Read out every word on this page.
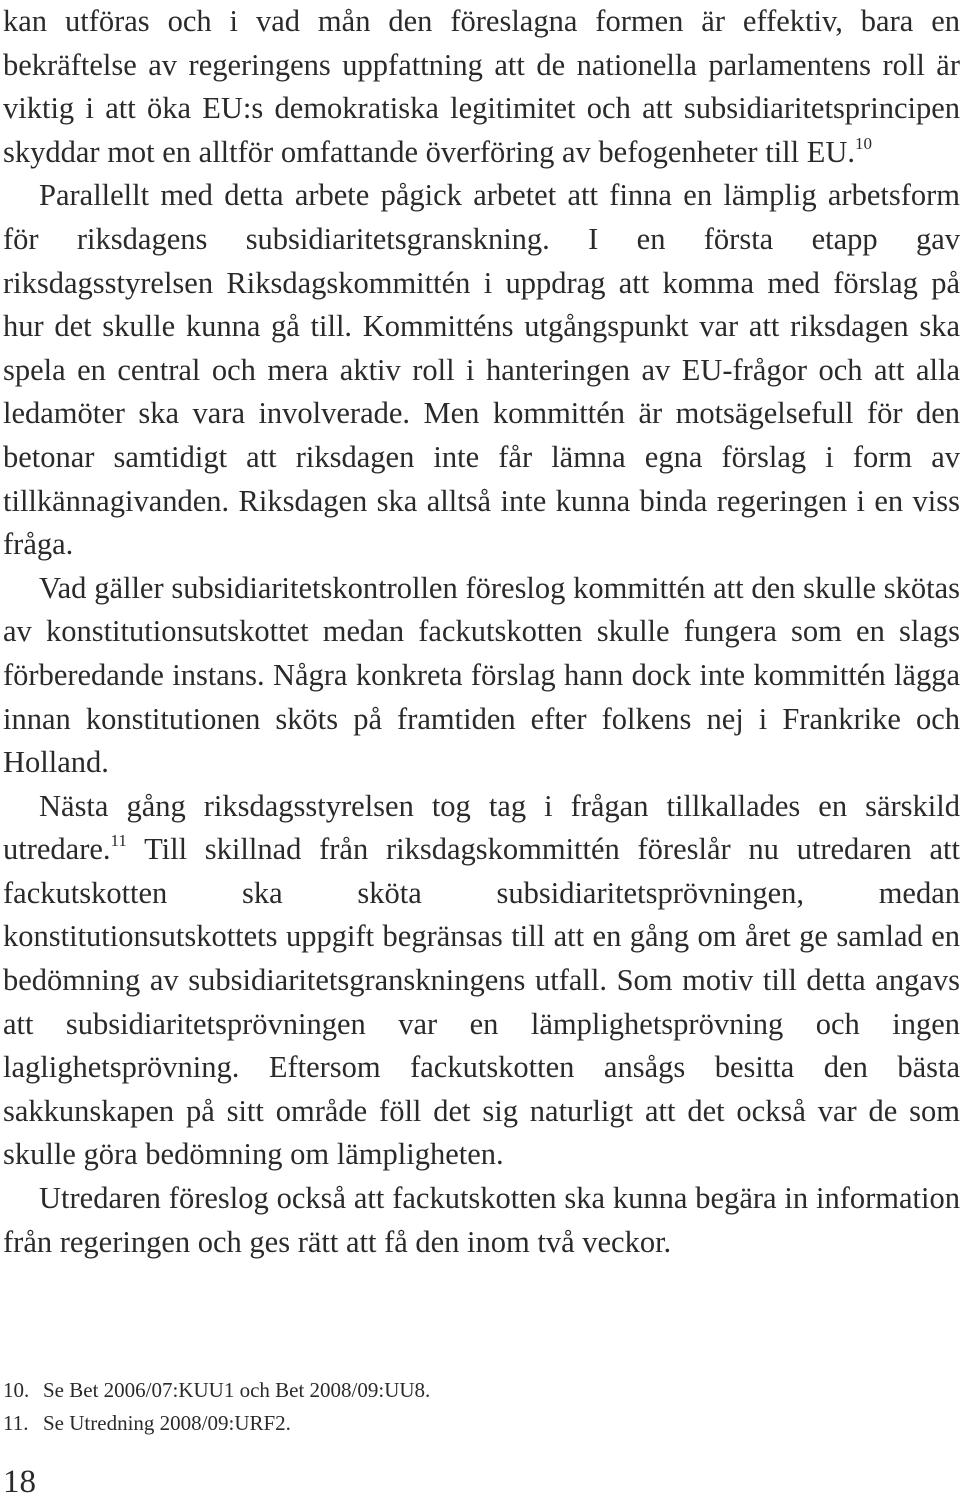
kan utföras och i vad mån den föreslagna formen är effektiv, bara en bekräftelse av regeringens uppfattning att de nationella parlamentens roll är viktig i att öka EU:s demokratiska legitimitet och att subsidiaritetsprincipen skyddar mot en alltför omfattande överföring av befogenheter till EU.$^{10}$

Parallellt med detta arbete pågick arbetet att finna en lämplig arbetsform för riksdagens subsidiaritetsgranskning. I en första etapp gav riksdagsstyrelsen Riksdagskommittén i uppdrag att komma med förslag på hur det skulle kunna gå till. Kommitténs utgångspunkt var att riksdagen ska spela en central och mera aktiv roll i hanteringen av EU-frågor och att alla ledamöter ska vara involverade. Men kommittén är motsägelsefull för den betonar samtidigt att riksdagen inte får lämna egna förslag i form av tillkännagivanden. Riksdagen ska alltså inte kunna binda regeringen i en viss fråga.

Vad gäller subsidiaritetskontrollen föreslog kommittén att den skulle skötas av konstitutionsutskottet medan fackutskotten skulle fungera som en slags förberedande instans. Några konkreta förslag hann dock inte kommittén lägga innan konstitutionen sköts på framtiden efter folkens nej i Frankrike och Holland.

Nästa gång riksdagsstyrelsen tog tag i frågan tillkallades en särskild utredare.$^{11}$ Till skillnad från riksdagskommittén föreslår nu utredaren att fackutskotten ska sköta subsidiaritetsprövningen, medan konstitutionsutskottets uppgift begränsas till att en gång om året ge samlad en bedömning av subsidiaritetsgranskningens utfall. Som motiv till detta angavs att subsidiaritetsprövningen var en lämplighetsprövning och ingen laglighetsprövning. Eftersom fackutskotten ansågs besitta den bästa sakkunskapen på sitt område föll det sig naturligt att det också var de som skulle göra bedömning om lämpligheten.

Utredaren föreslog också att fackutskotten ska kunna begära in information från regeringen och ges rätt att få den inom två veckor.

10. Se Bet 2006/07:KUU1 och Bet 2008/09:UU8.
11. Se Utredning 2008/09:URF2.
18
